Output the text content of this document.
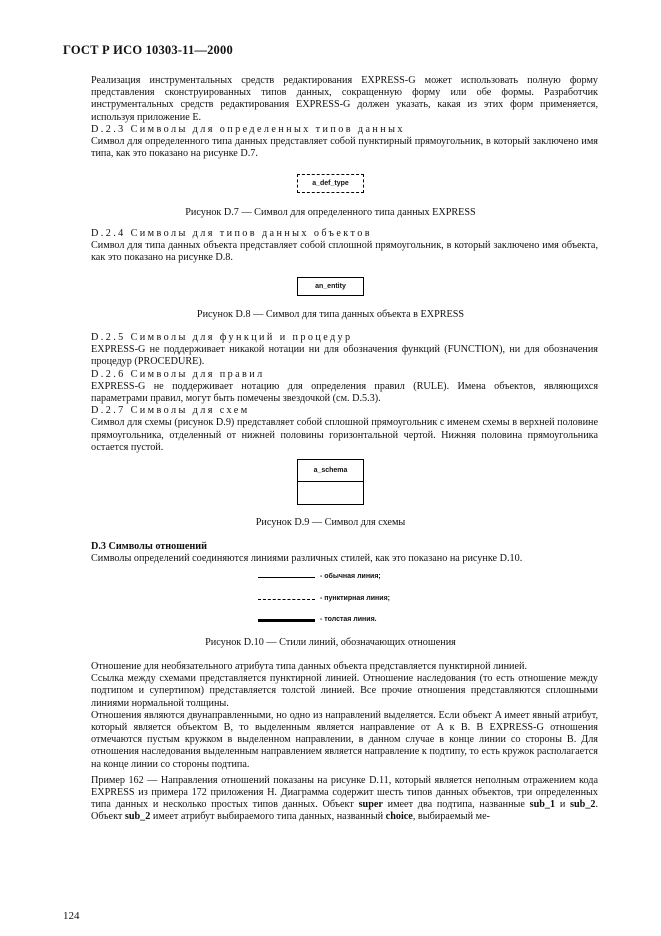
ГОСТ Р ИСО 10303-11—2000

Реализация инструментальных средств редактирования EXPRESS-G может использовать полную форму представления сконструированных типов данных, сокращенную форму или обе формы. Разработчик инструментальных средств редактирования EXPRESS-G должен указать, какая из этих форм применяется, используя приложение E.

D.2.3 Символы для определенных типов данных

Символ для определенного типа данных представляет собой пунктирный прямоугольник, в который заключено имя типа, как это показано на рисунке D.7.

a_def_type
Рисунок D.7 — Символ для определенного типа данных EXPRESS

D.2.4 Символы для типов данных объектов

Символ для типа данных объекта представляет собой сплошной прямоугольник, в который заключено имя объекта, как это показано на рисунке D.8.

an_entity
Рисунок D.8 — Символ для типа данных объекта в EXPRESS

D.2.5 Символы для функций и процедур

EXPRESS-G не поддерживает никакой нотации ни для обозначения функций (FUNCTION), ни для обозначения процедур (PROCEDURE).

D.2.6 Символы для правил

EXPRESS-G не поддерживает нотацию для определения правил (RULE). Имена объектов, являющихся параметрами правил, могут быть помечены звездочкой (см. D.5.3).

D.2.7 Символы для схем

Символ для схемы (рисунок D.9) представляет собой сплошной прямоугольник с именем схемы в верхней половине прямоугольника, отделенный от нижней половины горизонтальной чертой. Нижняя половина прямоугольника остается пустой.

a_schema
Рисунок D.9 — Символ для схемы

D.3 Символы отношений

Символы определений соединяются линиями различных стилей, как это показано на рисунке D.10.

- обычная линия;
- пунктирная линия;
- толстая линия.
Рисунок D.10 — Стили линий, обозначающих отношения

Отношение для необязательного атрибута типа данных объекта представляется пунктирной линией.

Ссылка между схемами представляется пунктирной линией. Отношение наследования (то есть отношение между подтипом и супертипом) представляется толстой линией. Все прочие отношения представляются сплошными линиями нормальной толщины.

Отношения являются двунаправленными, но одно из направлений выделяется. Если объект A имеет явный атрибут, который является объектом B, то выделенным является направление от A к B. В EXPRESS-G отношения отмечаются пустым кружком в выделенном направлении, в данном случае в конце линии со стороны B. Для отношения наследования выделенным направлением является направление к подтипу, то есть кружок располагается на конце линии со стороны подтипа.

Пример 162 — Направления отношений показаны на рисунке D.11, который является неполным отражением кода EXPRESS из примера 172 приложения H. Диаграмма содержит шесть типов данных объектов, три определенных типа данных и несколько простых типов данных. Объект super имеет два подтипа, названные sub_1 и sub_2. Объект sub_2 имеет атрибут выбираемого типа данных, названный choice, выбираемый ме-

124
